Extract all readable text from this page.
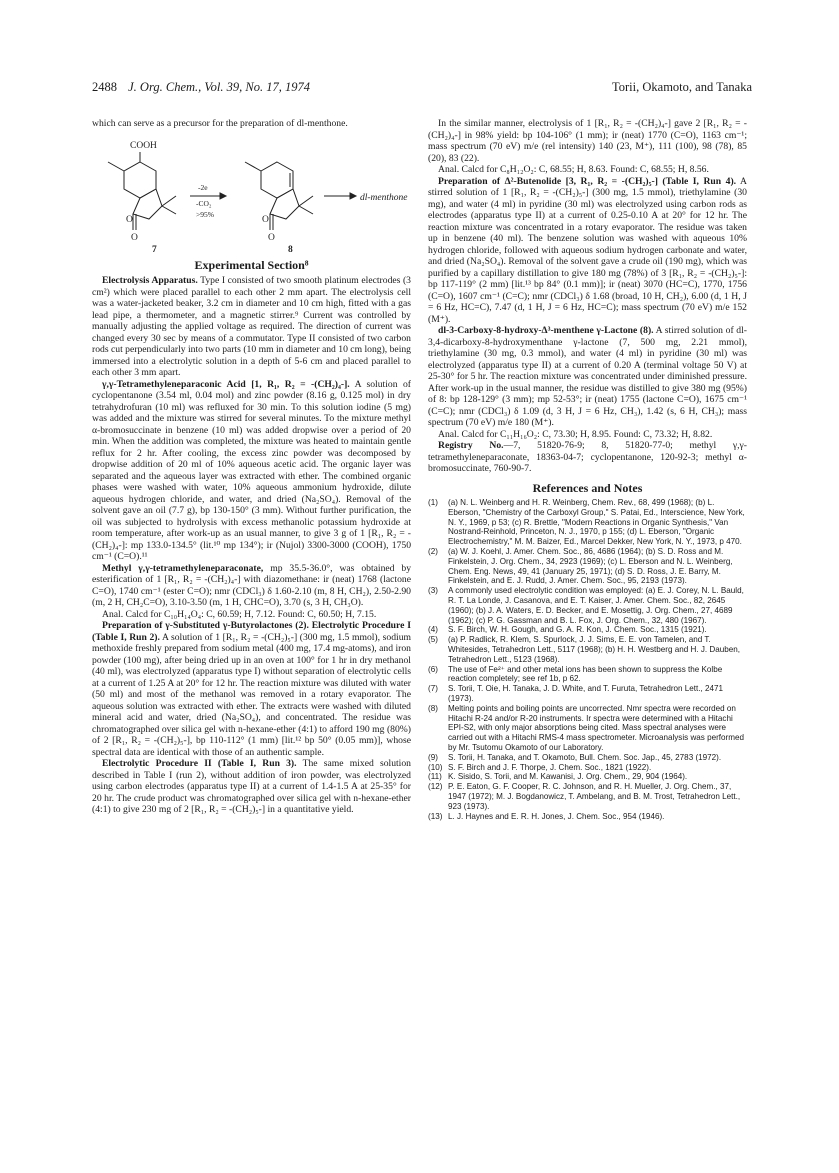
2488 J. Org. Chem., Vol. 39, No. 17, 1974	Torii, Okamoto, and Tanaka

which can serve as a precursor for the preparation of dl-menthone.

COOH
O
O
O
O
-2e
-CO₂
>95%
dl-menthone
7	8
Experimental Section⁸

Electrolysis Apparatus. Type I consisted of two smooth platinum electrodes (3 cm²) which were placed parallel to each other 2 mm apart. The electrolysis cell was a water-jacketed beaker, 3.2 cm in diameter and 10 cm high, fitted with a gas lead pipe, a thermometer, and a magnetic stirrer.⁹ Current was controlled by manually adjusting the applied voltage as required. The direction of current was changed every 30 sec by means of a commutator. Type II consisted of two carbon rods cut perpendicularly into two parts (10 mm in diameter and 10 cm long), being immersed into a electrolytic solution in a depth of 5-6 cm and placed parallel to each other 3 mm apart.

γ,γ-Tetramethyleneparaconic Acid [1, R₁, R₂ = -(CH₂)₄-]. A solution of cyclopentanone (3.54 ml, 0.04 mol) and zinc powder (8.16 g, 0.125 mol) in dry tetrahydrofuran (10 ml) was refluxed for 30 min. To this solution iodine (5 mg) was added and the mixture was stirred for several minutes. To the mixture methyl α-bromosuccinate in benzene (10 ml) was added dropwise over a period of 20 min. When the addition was completed, the mixture was heated to maintain gentle reflux for 2 hr. After cooling, the excess zinc powder was decomposed by dropwise addition of 20 ml of 10% aqueous acetic acid. The organic layer was separated and the aqueous layer was extracted with ether. The combined organic phases were washed with water, 10% aqueous ammonium hydroxide, dilute aqueous hydrogen chloride, and water, and dried (Na₂SO₄). Removal of the solvent gave an oil (7.7 g), bp 130-150° (3 mm). Without further purification, the oil was subjected to hydrolysis with excess methanolic potassium hydroxide at room temperature, after work-up as an usual manner, to give 3 g of 1 [R₁, R₂ = -(CH₂)₄-]: mp 133.0-134.5° (lit.¹⁰ mp 134°); ir (Nujol) 3300-3000 (COOH), 1750 cm⁻¹ (C=O).¹¹

Methyl γ,γ-tetramethyleneparaconate, mp 35.5-36.0°, was obtained by esterification of 1 [R₁, R₂ = -(CH₂)₄-] with diazomethane: ir (neat) 1768 (lactone C=O), 1740 cm⁻¹ (ester C=O); nmr (CDCl₃) δ 1.60-2.10 (m, 8 H, CH₂), 2.50-2.90 (m, 2 H, CH₂C=O), 3.10-3.50 (m, 1 H, CHC=O), 3.70 (s, 3 H, CH₃O).

Anal. Calcd for C₁₀H₁₄O₄: C, 60.59; H, 7.12. Found: C, 60.50; H, 7.15.

Preparation of γ-Substituted γ-Butyrolactones (2). Electrolytic Procedure I (Table I, Run 2). A solution of 1 [R₁, R₂ = -(CH₂)₅-] (300 mg, 1.5 mmol), sodium methoxide freshly prepared from sodium metal (400 mg, 17.4 mg-atoms), and iron powder (100 mg), after being dried up in an oven at 100° for 1 hr in dry methanol (40 ml), was electrolyzed (apparatus type I) without separation of electrolytic cells at a current of 1.25 A at 20° for 12 hr. The reaction mixture was diluted with water (50 ml) and most of the methanol was removed in a rotary evaporator. The aqueous solution was extracted with ether. The extracts were washed with diluted mineral acid and water, dried (Na₂SO₄), and concentrated. The residue was chromatographed over silica gel with n-hexane-ether (4:1) to afford 190 mg (80%) of 2 [R₁, R₂ = -(CH₂)₅-], bp 110-112° (1 mm) [lit.¹² bp 50° (0.05 mm)], whose spectral data are identical with those of an authentic sample.

Electrolytic Procedure II (Table I, Run 3). The same mixed solution described in Table I (run 2), without addition of iron powder, was electrolyzed using carbon electrodes (apparatus type II) at a current of 1.4-1.5 A at 25-35° for 20 hr. The crude product was chromatographed over silica gel with n-hexane-ether (4:1) to give 230 mg of 2 [R₁, R₂ = -(CH₂)₅-] in a quantitative yield.

In the similar manner, electrolysis of 1 [R₁, R₂ = -(CH₂)₄-] gave 2 [R₁, R₂ = -(CH₂)₄-] in 98% yield: bp 104-106° (1 mm); ir (neat) 1770 (C=O), 1163 cm⁻¹; mass spectrum (70 eV) m/e (rel intensity) 140 (23, M⁺), 111 (100), 98 (78), 85 (20), 83 (22).

Anal. Calcd for C₈H₁₂O₂: C, 68.55; H, 8.63. Found: C, 68.55; H, 8.56.

Preparation of Δ²-Butenolide [3, R₁, R₂ = -(CH₂)₅-] (Table I, Run 4). A stirred solution of 1 [R₁, R₂ = -(CH₂)₅-] (300 mg, 1.5 mmol), triethylamine (30 mg), and water (4 ml) in pyridine (30 ml) was electrolyzed using carbon rods as electrodes (apparatus type II) at a current of 0.25-0.10 A at 20° for 12 hr. The reaction mixture was concentrated in a rotary evaporator. The residue was taken up in benzene (40 ml). The benzene solution was washed with aqueous 10% hydrogen chloride, followed with aqueous sodium hydrogen carbonate and water, and dried (Na₂SO₄). Removal of the solvent gave a crude oil (190 mg), which was purified by a capillary distillation to give 180 mg (78%) of 3 [R₁, R₂ = -(CH₂)₅-]: bp 117-119° (2 mm) [lit.¹³ bp 84° (0.1 mm)]; ir (neat) 3070 (HC=C), 1770, 1756 (C=O), 1607 cm⁻¹ (C=C); nmr (CDCl₃) δ 1.68 (broad, 10 H, CH₂), 6.00 (d, 1 H, J = 6 Hz, HC=C), 7.47 (d, 1 H, J = 6 Hz, HC=C); mass spectrum (70 eV) m/e 152 (M⁺).

dl-3-Carboxy-8-hydroxy-Δ³-menthene γ-Lactone (8). A stirred solution of dl-3,4-dicarboxy-8-hydroxymenthane γ-lactone (7, 500 mg, 2.21 mmol), triethylamine (30 mg, 0.3 mmol), and water (4 ml) in pyridine (30 ml) was electrolyzed (apparatus type II) at a current of 0.20 A (terminal voltage 50 V) at 25-30° for 5 hr. The reaction mixture was concentrated under diminished pressure. After work-up in the usual manner, the residue was distilled to give 380 mg (95%) of 8: bp 128-129° (3 mm); mp 52-53°; ir (neat) 1755 (lactone C=O), 1675 cm⁻¹ (C=C); nmr (CDCl₃) δ 1.09 (d, 3 H, J = 6 Hz, CH₃), 1.42 (s, 6 H, CH₃); mass spectrum (70 eV) m/e 180 (M⁺).

Anal. Calcd for C₁₁H₁₆O₂: C, 73.30; H, 8.95. Found: C, 73.32; H, 8.82.

Registry No.—7, 51820-76-9; 8, 51820-77-0; methyl γ,γ-tetramethyleneparaconate, 18363-04-7; cyclopentanone, 120-92-3; methyl α-bromosuccinate, 760-90-7.

References and Notes
(1) (a) N. L. Weinberg and H. R. Weinberg, Chem. Rev., 68, 499 (1968); (b) L. Eberson, "Chemistry of the Carboxyl Group," S. Patai, Ed., Interscience, New York, N. Y., 1969, p 53; (c) R. Brettle, "Modern Reactions in Organic Synthesis," Van Nostrand-Reinhold, Princeton, N. J., 1970, p 155; (d) L. Eberson, "Organic Electrochemistry," M. M. Baizer, Ed., Marcel Dekker, New York, N. Y., 1973, p 470.
(2) (a) W. J. Koehl, J. Amer. Chem. Soc., 86, 4686 (1964); (b) S. D. Ross and M. Finkelstein, J. Org. Chem., 34, 2923 (1969); (c) L. Eberson and N. L. Weinberg, Chem. Eng. News, 49, 41 (January 25, 1971); (d) S. D. Ross, J. E. Barry, M. Finkelstein, and E. J. Rudd, J. Amer. Chem. Soc., 95, 2193 (1973).
(3) A commonly used electrolytic condition was employed: (a) E. J. Corey, N. L. Bauld, R. T. La Londe, J. Casanova, and E. T. Kaiser, J. Amer. Chem. Soc., 82, 2645 (1960); (b) J. A. Waters, E. D. Becker, and E. Mosettig, J. Org. Chem., 27, 4689 (1962); (c) P. G. Gassman and B. L. Fox, J. Org. Chem., 32, 480 (1967).
(4) S. F. Birch, W. H. Gough, and G. A. R. Kon, J. Chem. Soc., 1315 (1921).
(5) (a) P. Radlick, R. Klem, S. Spurlock, J. J. Sims, E. E. von Tamelen, and T. Whitesides, Tetrahedron Lett., 5117 (1968); (b) H. H. Westberg and H. J. Dauben, Tetrahedron Lett., 5123 (1968).
(6) The use of Fe²⁺ and other metal ions has been shown to suppress the Kolbe reaction completely; see ref 1b, p 62.
(7) S. Torii, T. Oie, H. Tanaka, J. D. White, and T. Furuta, Tetrahedron Lett., 2471 (1973).
(8) Melting points and boiling points are uncorrected. Nmr spectra were recorded on Hitachi R-24 and/or R-20 instruments. Ir spectra were determined with a Hitachi EPI-S2, with only major absorptions being cited. Mass spectral analyses were carried out with a Hitachi RMS-4 mass spectrometer. Microanalysis was performed by Mr. Tsutomu Okamoto of our Laboratory.
(9) S. Torii, H. Tanaka, and T. Okamoto, Bull. Chem. Soc. Jap., 45, 2783 (1972).
(10) S. F. Birch and J. F. Thorpe, J. Chem. Soc., 1821 (1922).
(11) K. Sisido, S. Torii, and M. Kawanisi, J. Org. Chem., 29, 904 (1964).
(12) P. E. Eaton, G. F. Cooper, R. C. Johnson, and R. H. Mueller, J. Org. Chem., 37, 1947 (1972); M. J. Bogdanowicz, T. Ambelang, and B. M. Trost, Tetrahedron Lett., 923 (1973).
(13) L. J. Haynes and E. R. H. Jones, J. Chem. Soc., 954 (1946).
